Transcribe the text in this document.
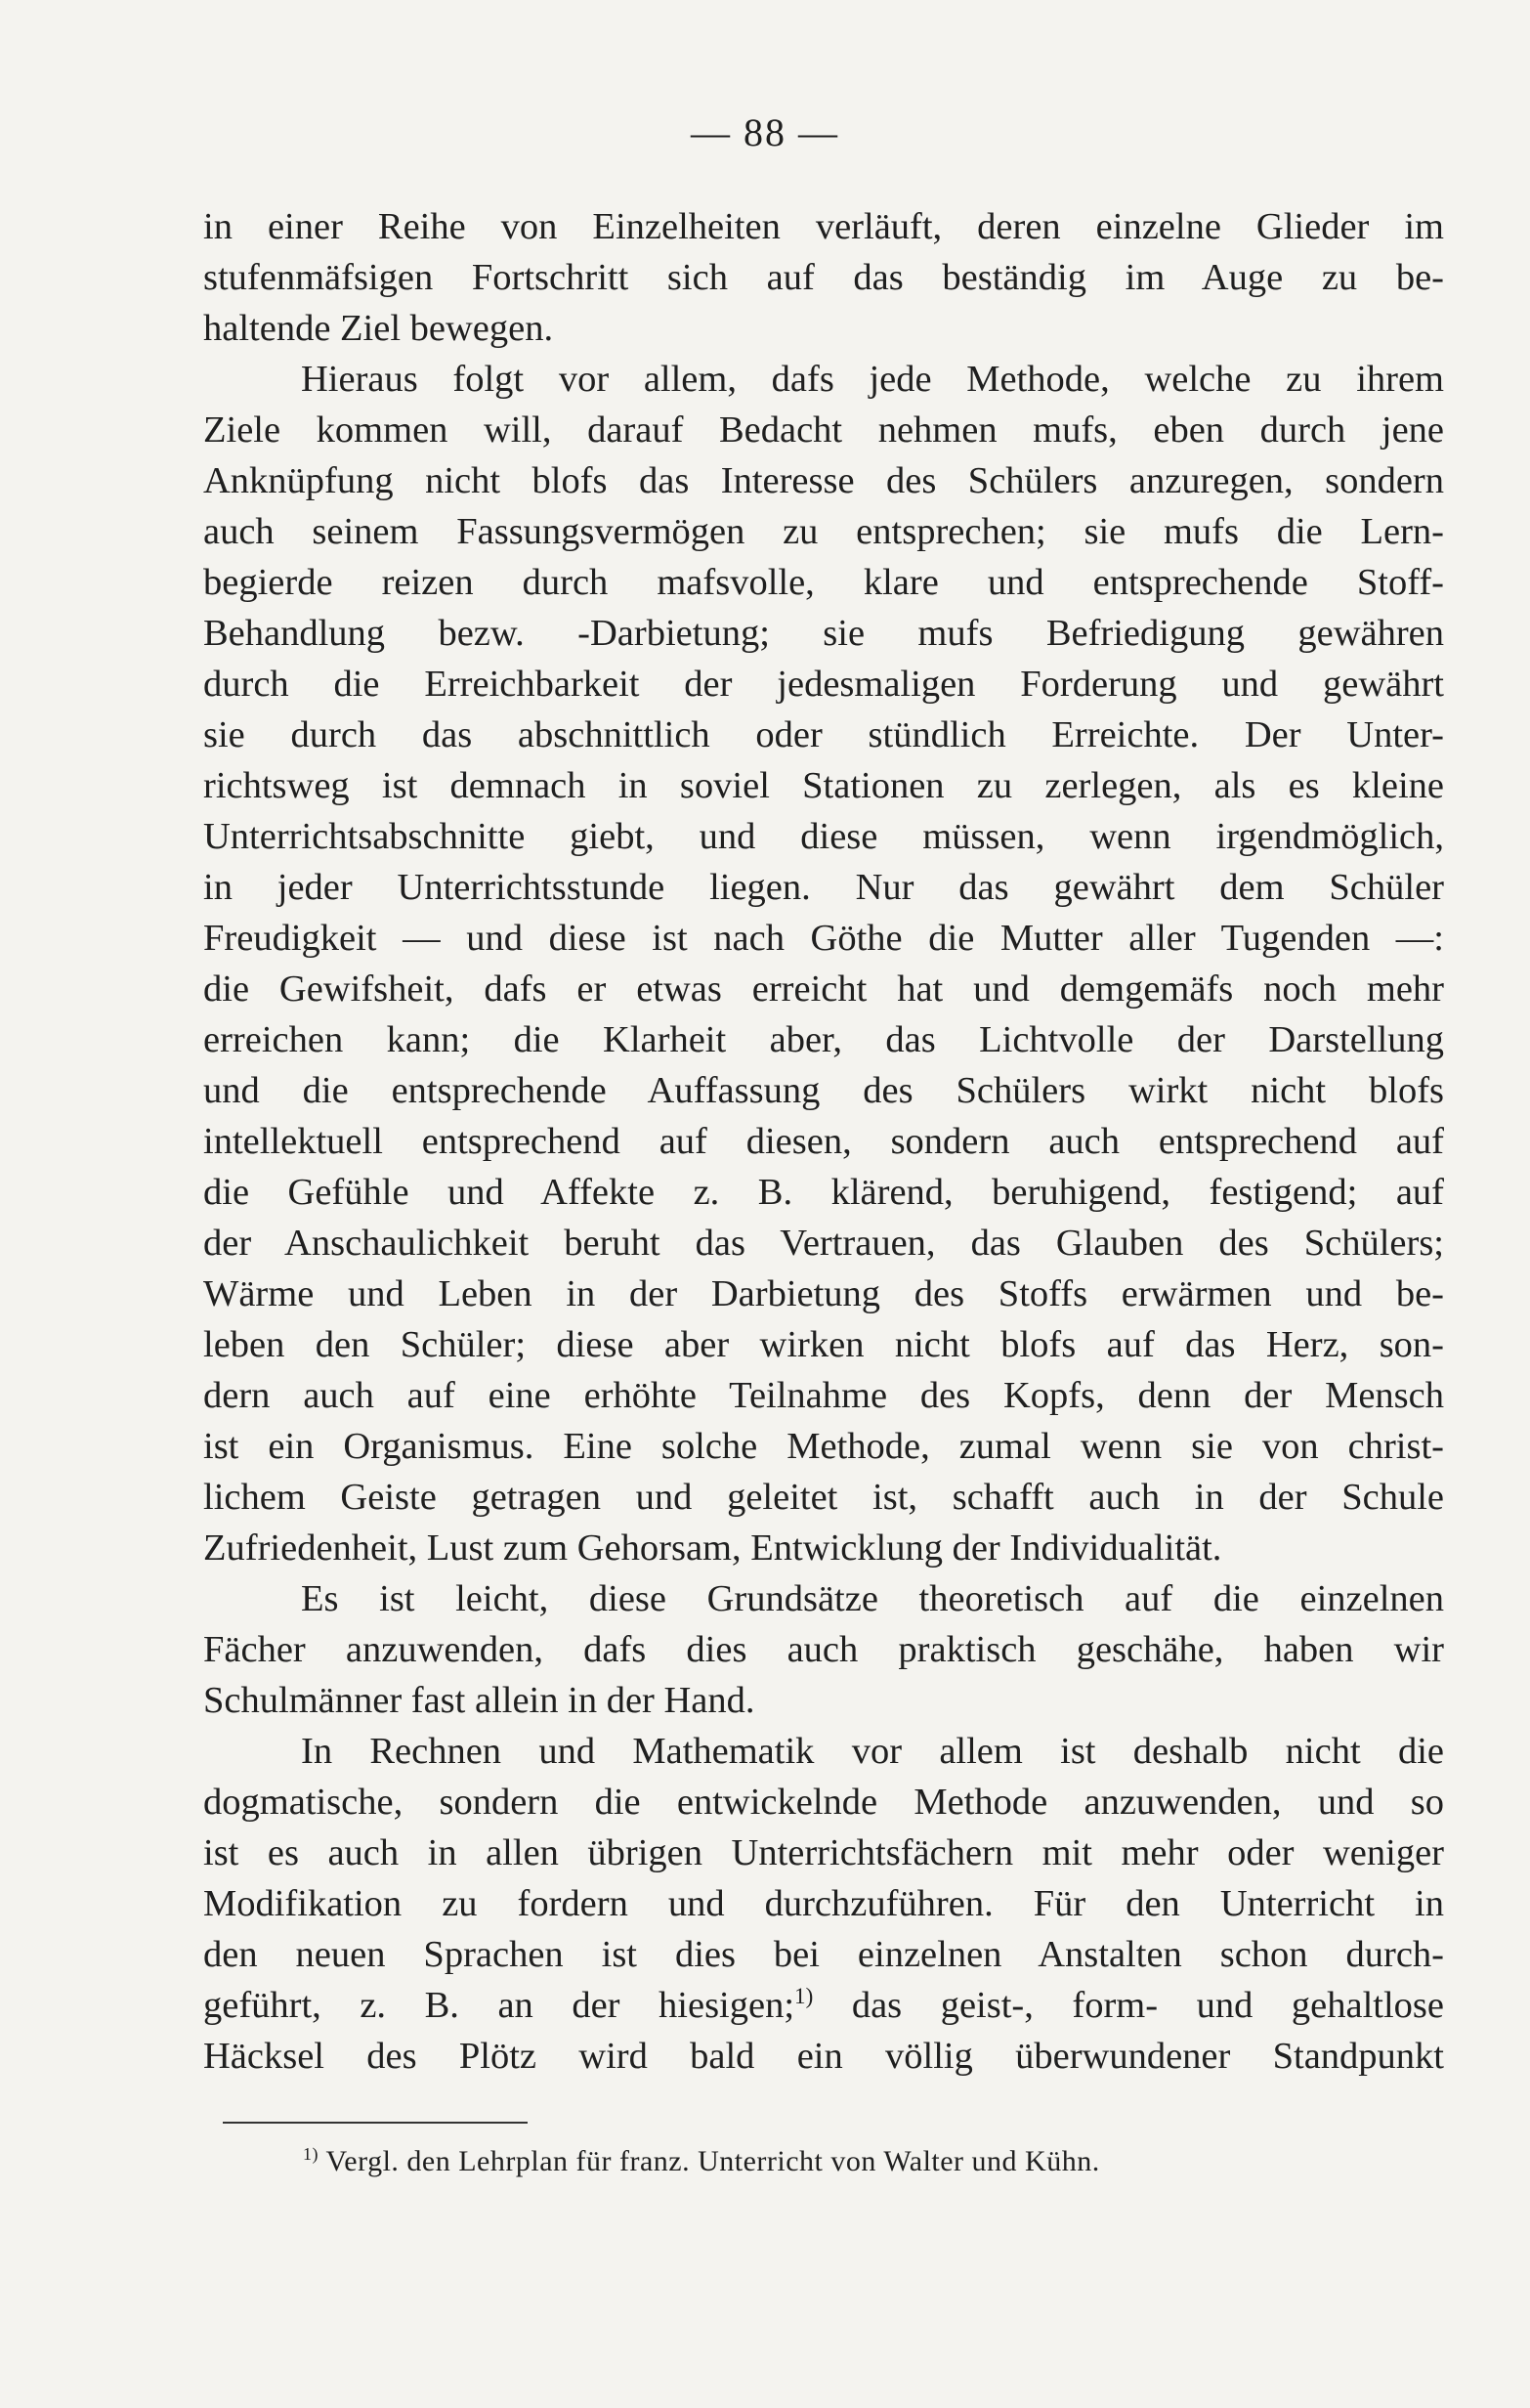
— 88 —
in einer Reihe von Einzelheiten verläuft, deren einzelne Glieder im
stufenmäfsigen Fortschritt sich auf das beständig im Auge zu be-
haltende Ziel bewegen.
Hieraus folgt vor allem, dafs jede Methode, welche zu ihrem
Ziele kommen will, darauf Bedacht nehmen mufs, eben durch jene
Anknüpfung nicht blofs das Interesse des Schülers anzuregen, sondern
auch seinem Fassungsvermögen zu entsprechen; sie mufs die Lern-
begierde reizen durch mafsvolle, klare und entsprechende Stoff-
Behandlung bezw. -Darbietung; sie mufs Befriedigung gewähren
durch die Erreichbarkeit der jedesmaligen Forderung und gewährt
sie durch das abschnittlich oder stündlich Erreichte. Der Unter-
richtsweg ist demnach in soviel Stationen zu zerlegen, als es kleine
Unterrichtsabschnitte giebt, und diese müssen, wenn irgendmöglich,
in jeder Unterrichtsstunde liegen. Nur das gewährt dem Schüler
Freudigkeit — und diese ist nach Göthe die Mutter aller Tugenden —:
die Gewifsheit, dafs er etwas erreicht hat und demgemäfs noch mehr
erreichen kann; die Klarheit aber, das Lichtvolle der Darstellung
und die entsprechende Auffassung des Schülers wirkt nicht blofs
intellektuell entsprechend auf diesen, sondern auch entsprechend auf
die Gefühle und Affekte z. B. klärend, beruhigend, festigend; auf
der Anschaulichkeit beruht das Vertrauen, das Glauben des Schülers;
Wärme und Leben in der Darbietung des Stoffs erwärmen und be-
leben den Schüler; diese aber wirken nicht blofs auf das Herz, son-
dern auch auf eine erhöhte Teilnahme des Kopfs, denn der Mensch
ist ein Organismus. Eine solche Methode, zumal wenn sie von christ-
lichem Geiste getragen und geleitet ist, schafft auch in der Schule
Zufriedenheit, Lust zum Gehorsam, Entwicklung der Individualität.
Es ist leicht, diese Grundsätze theoretisch auf die einzelnen
Fächer anzuwenden, dafs dies auch praktisch geschähe, haben wir
Schulmänner fast allein in der Hand.
In Rechnen und Mathematik vor allem ist deshalb nicht die
dogmatische, sondern die entwickelnde Methode anzuwenden, und so
ist es auch in allen übrigen Unterrichtsfächern mit mehr oder weniger
Modifikation zu fordern und durchzuführen. Für den Unterricht in
den neuen Sprachen ist dies bei einzelnen Anstalten schon durch-
geführt, z. B. an der hiesigen;$^{1)}$ das geist-, form- und gehaltlose
Häcksel des Plötz wird bald ein völlig überwundener Standpunkt
$^{1)}$ Vergl. den Lehrplan für franz. Unterricht von Walter und Kühn.
